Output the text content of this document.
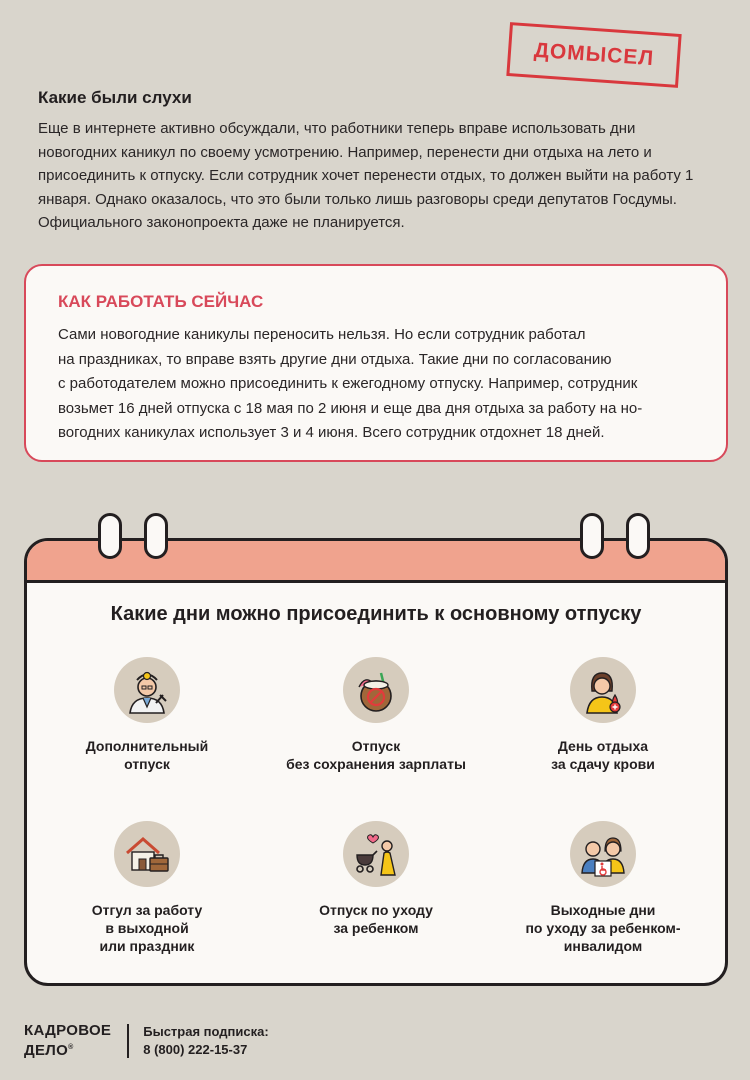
ДОМЫСЕЛ
Какие были слухи

Еще в интернете активно обсуждали, что работники теперь вправе использовать дни новогодних каникул по своему усмотрению. Например, перенести дни отдыха на лето и присоединить к отпуску. Если сотрудник хочет перенести отдых, то должен выйти на работу 1 января. Однако оказалось, что это были только лишь разговоры среди депутатов Госдумы. Официального законопроекта даже не планируется.

КАК РАБОТАТЬ СЕЙЧАС
Сами новогодние каникулы переносить нельзя. Но если сотрудник работал
на праздниках, то вправе взять другие дни отдыха. Такие дни по согласованию
с работодателем можно присоединить к ежегодному отпуску. Например, сотрудник
возьмет 16 дней отпуска с 18 мая по 2 июня и еще два дня отдыха за работу на но-
вогодних каникулах использует 3 и 4 июня. Всего сотрудник отдохнет 18 дней.
Какие дни можно присоединить к основному отпуску
Дополнительный
отпуск
Отпуск
без сохранения зарплаты
День отдыха
за сдачу крови
Отгул за работу
в выходной
или праздник
Отпуск по уходу
за ребенком
Выходные дни
по уходу за ребенком-
инвалидом
КАДРОВОЕ
ДЕЛО®
Быстрая подписка:
8 (800) 222-15-37
